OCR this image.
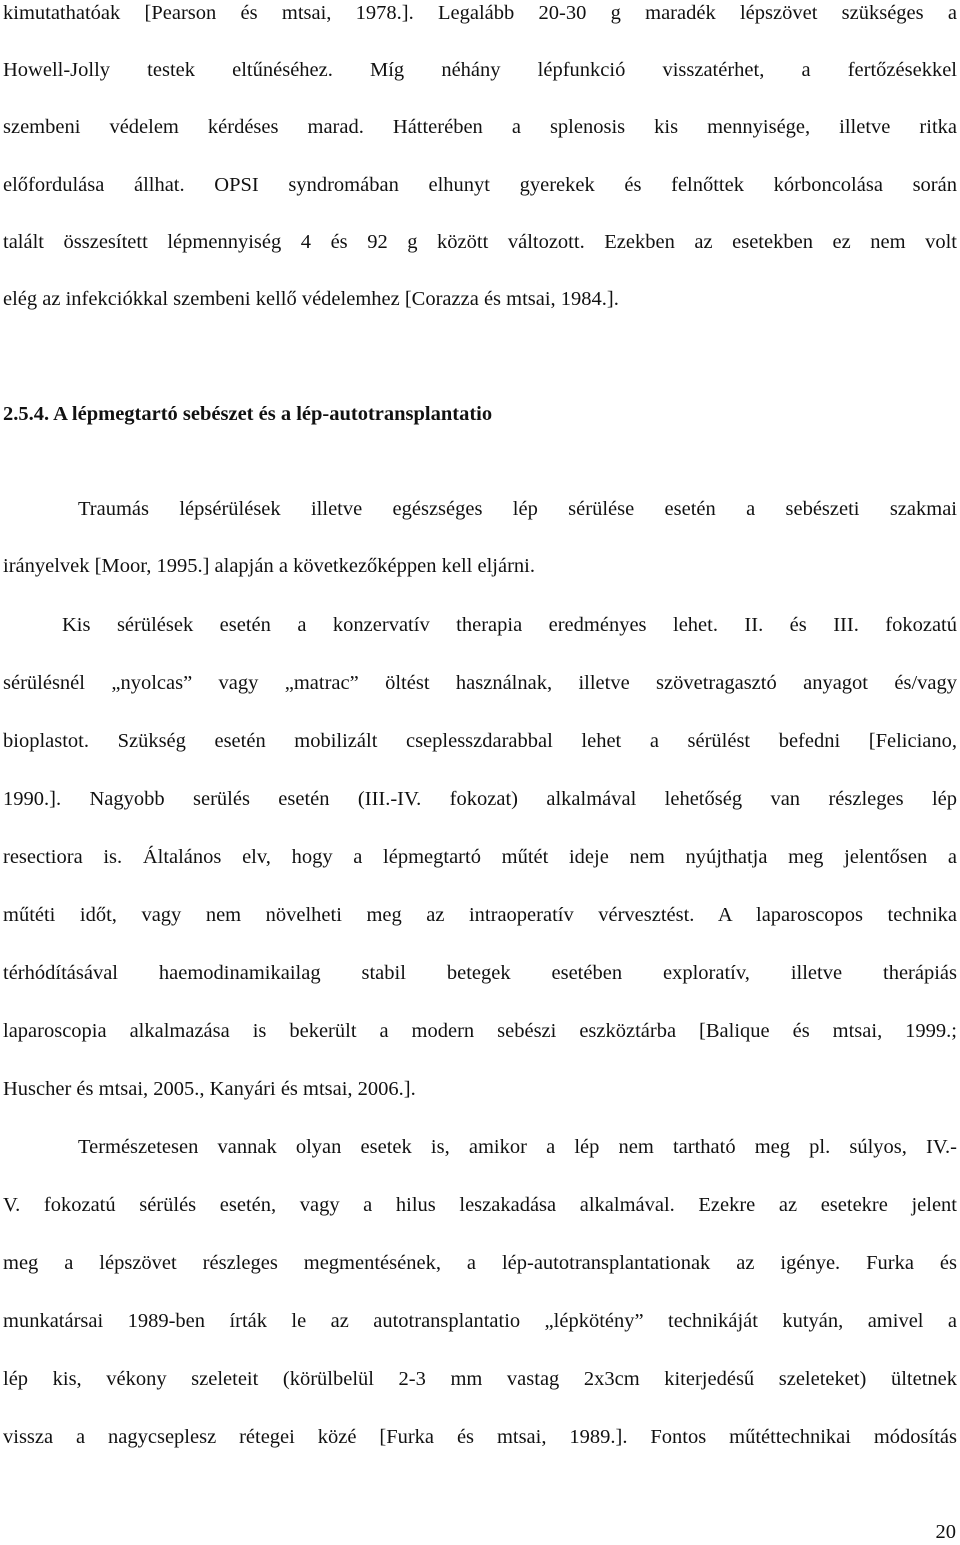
kimutathatóak [Pearson és mtsai, 1978.]. Legalább 20-30 g maradék lépszövet szükséges a
Howell-Jolly testek eltűnéséhez. Míg néhány lépfunkció visszatérhet, a fertőzésekkel
szembeni védelem kérdéses marad. Hátterében a splenosis kis mennyisége, illetve ritka
előfordulása állhat. OPSI syndromában elhunyt gyerekek és felnőttek kórboncolása során
talált összesített lépmennyiség 4 és 92 g között változott. Ezekben az esetekben ez nem volt
elég az infekciókkal szembeni kellő védelemhez [Corazza és mtsai, 1984.].
2.5.4. A lépmegtartó sebészet és a lép-autotransplantatio
Traumás lépsérülések illetve egészséges lép sérülése esetén a sebészeti szakmai
irányelvek [Moor, 1995.] alapján a következőképpen kell eljárni.
Kis sérülések esetén a konzervatív therapia eredményes lehet. II. és III. fokozatú
sérülésnél „nyolcas” vagy „matrac” öltést használnak, illetve szövetragasztó anyagot és/vagy
bioplastot. Szükség esetén mobilizált cseplesszdarabbal lehet a sérülést befedni [Feliciano,
1990.]. Nagyobb serülés esetén (III.-IV. fokozat) alkalmával lehetőség van részleges lép
resectiora is. Általános elv, hogy a lépmegtartó műtét ideje nem nyújthatja meg jelentősen a
műtéti időt, vagy nem növelheti meg az intraoperatív vérvesztést. A laparoscopos technika
térhódításával haemodinamikailag stabil betegek esetében exploratív, illetve therápiás
laparoscopia alkalmazása is bekerült a modern sebészi eszköztárba [Balique és mtsai, 1999.;
Huscher és mtsai, 2005., Kanyári és mtsai, 2006.].
Természetesen vannak olyan esetek is, amikor a lép nem tartható meg pl. súlyos, IV.-
V. fokozatú sérülés esetén, vagy a hilus leszakadása alkalmával. Ezekre az esetekre jelent
meg a lépszövet részleges megmentésének, a lép-autotransplantationak az igénye. Furka és
munkatársai 1989-ben írták le az autotransplantatio „lépkötény” technikáját kutyán, amivel a
lép kis, vékony szeleteit (körülbelül 2-3 mm vastag 2x3cm kiterjedésű szeleteket) ültetnek
vissza a nagycseplesz rétegei közé [Furka és mtsai, 1989.]. Fontos műtéttechnikai módosítás
20
